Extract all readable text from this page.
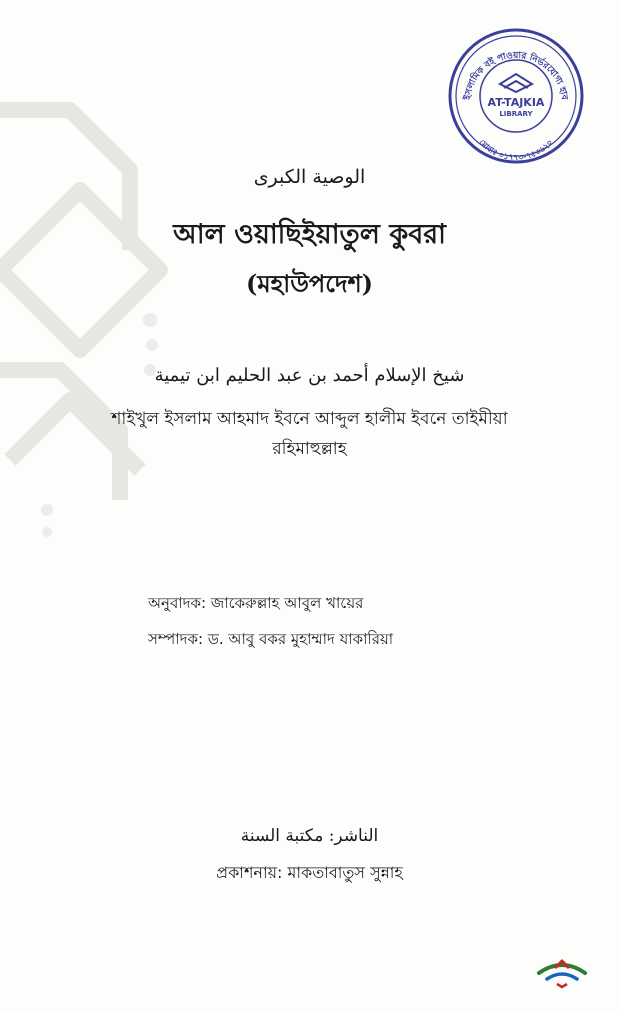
ইসলামিক বই পাওয়ার নির্ভরযোগ্য হাব
মোবাঃ ০১৭৭৩-৭৫৩৬২০
AT-TAJKIA
LIBRARY
الوصية الكبرى
আল ওয়াছিইয়াতুল কুবরা
(মহাউপদেশ)
شيخ الإسلام أحمد بن عبد الحليم ابن تيمية
শাইখুল ইসলাম আহমাদ ইবনে আব্দুল হালীম ইবনে তাইমীয়া
রহিমাহুল্লাহ
অনুবাদক: জাকেরুল্লাহ আবুল খায়ের
সম্পাদক: ড. আবু বকর মুহাম্মাদ যাকারিয়া
الناشر: مكتبة السنة
প্রকাশনায়: মাকতাবাতুস সুন্নাহ
